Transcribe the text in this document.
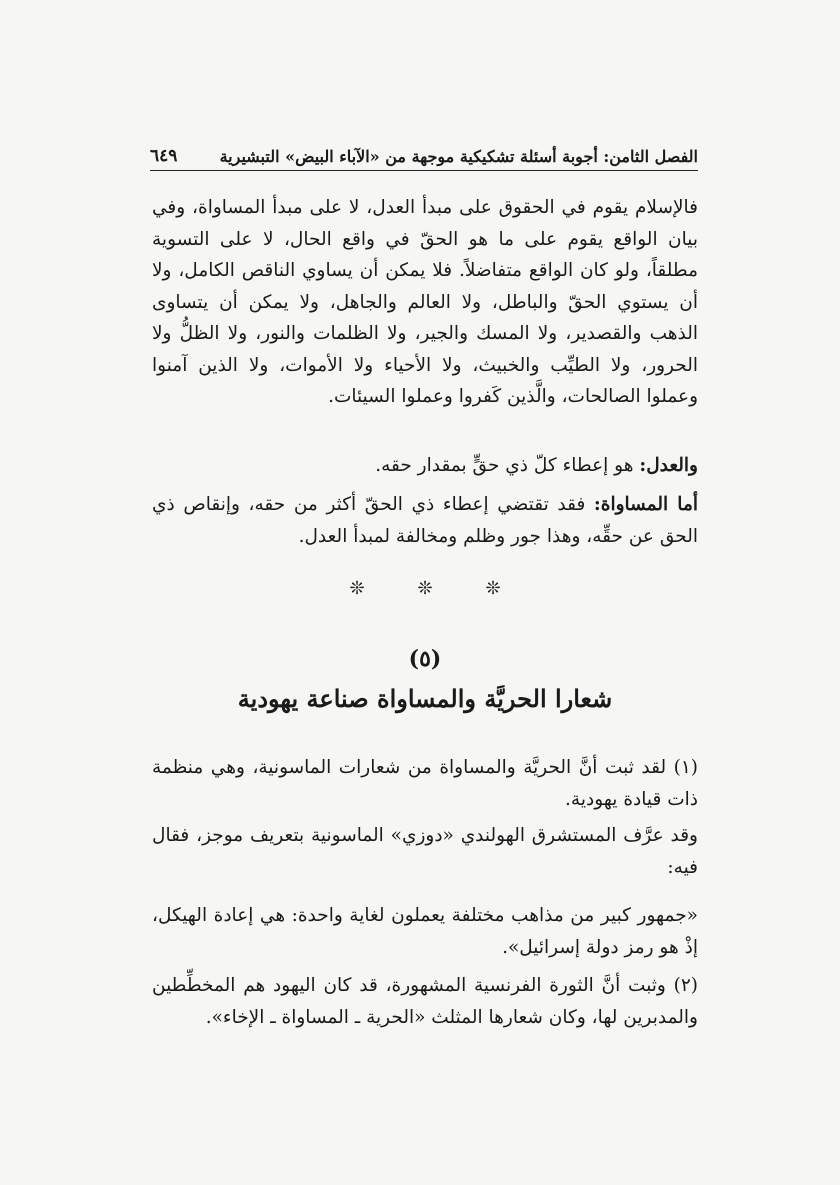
الفصل الثامن: أجوبة أسئلة تشكيكية موجهة من «الآباء البيض» التبشيرية
٦٤٩

فالإسلام يقوم في الحقوق على مبدأ العدل، لا على مبدأ المساواة، وفي بيان الواقع يقوم على ما هو الحقّ في واقع الحال، لا على التسوية مطلقاً، ولو كان الواقع متفاضلاً. فلا يمكن أن يساوي الناقص الكامل، ولا أن يستوي الحقّ والباطل، ولا العالم والجاهل، ولا يمكن أن يتساوى الذهب والقصدير، ولا المسك والجير، ولا الظلمات والنور، ولا الظلُّ ولا الحرور، ولا الطيِّب والخبيث، ولا الأحياء ولا الأموات، ولا الذين آمنوا وعملوا الصالحات، والَّذين كَفروا وعملوا السيئات.

والعدل: هو إعطاء كلّ ذي حقٍّ بمقدار حقه.

أما المساواة: فقد تقتضي إعطاء ذي الحقّ أكثر من حقه، وإنقاص ذي الحق عن حقِّه، وهذا جور وظلم ومخالفة لمبدأ العدل.

❊	❊	❊
(٥)
شعارا الحريَّة والمساواة صناعة يهودية

(١) لقد ثبت أنَّ الحريَّة والمساواة من شعارات الماسونية، وهي منظمة ذات قيادة يهودية.

وقد عرَّف المستشرق الهولندي «دوزي» الماسونية بتعريف موجز، فقال فيه:

«جمهور كبير من مذاهب مختلفة يعملون لغاية واحدة: هي إعادة الهيكل، إذْ هو رمز دولة إسرائيل».

(٢) وثبت أنَّ الثورة الفرنسية المشهورة، قد كان اليهود هم المخطِّطين والمدبرين لها، وكان شعارها المثلث «الحرية ـ المساواة ـ الإخاء».
